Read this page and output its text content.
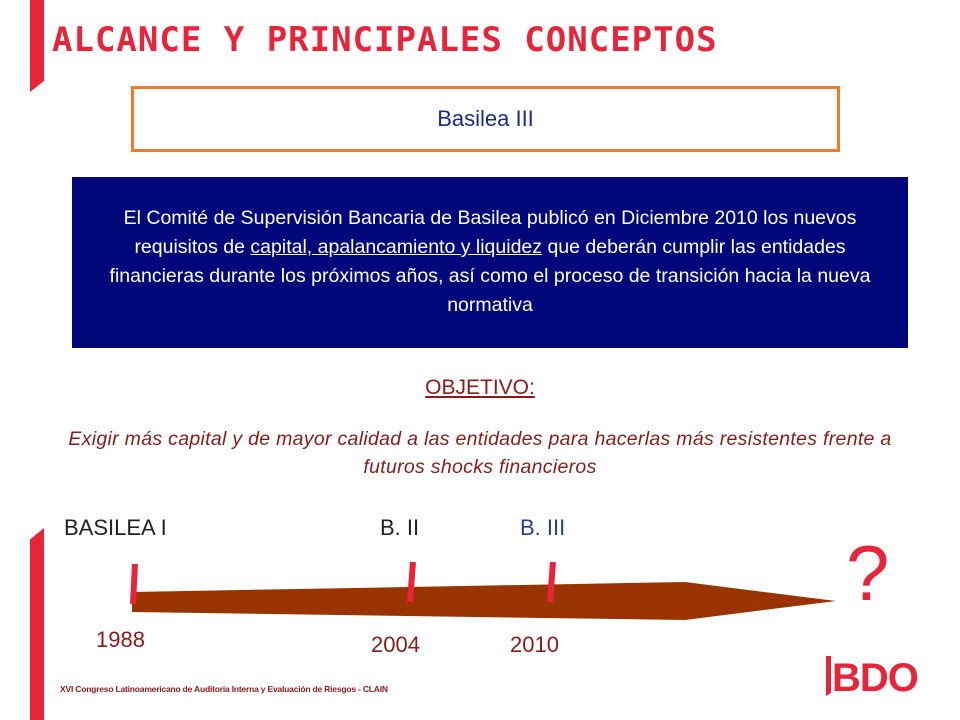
ALCANCE Y PRINCIPALES CONCEPTOS
Basilea III
El Comité de Supervisión Bancaria de Basilea publicó en Diciembre 2010 los nuevos requisitos de capital, apalancamiento y liquidez que deberán cumplir las entidades financieras durante los próximos años, así como el proceso de transición hacia la nueva normativa
OBJETIVO:
Exigir más capital y de mayor calidad a las entidades para hacerlas más resistentes frente a futuros shocks financieros
BASILEA I	B. II	B. III
1988	2004	2010
?
XVI Congreso Latinoamericano de Auditoria Interna y Evaluación de Riesgos - CLAIN	BDO
